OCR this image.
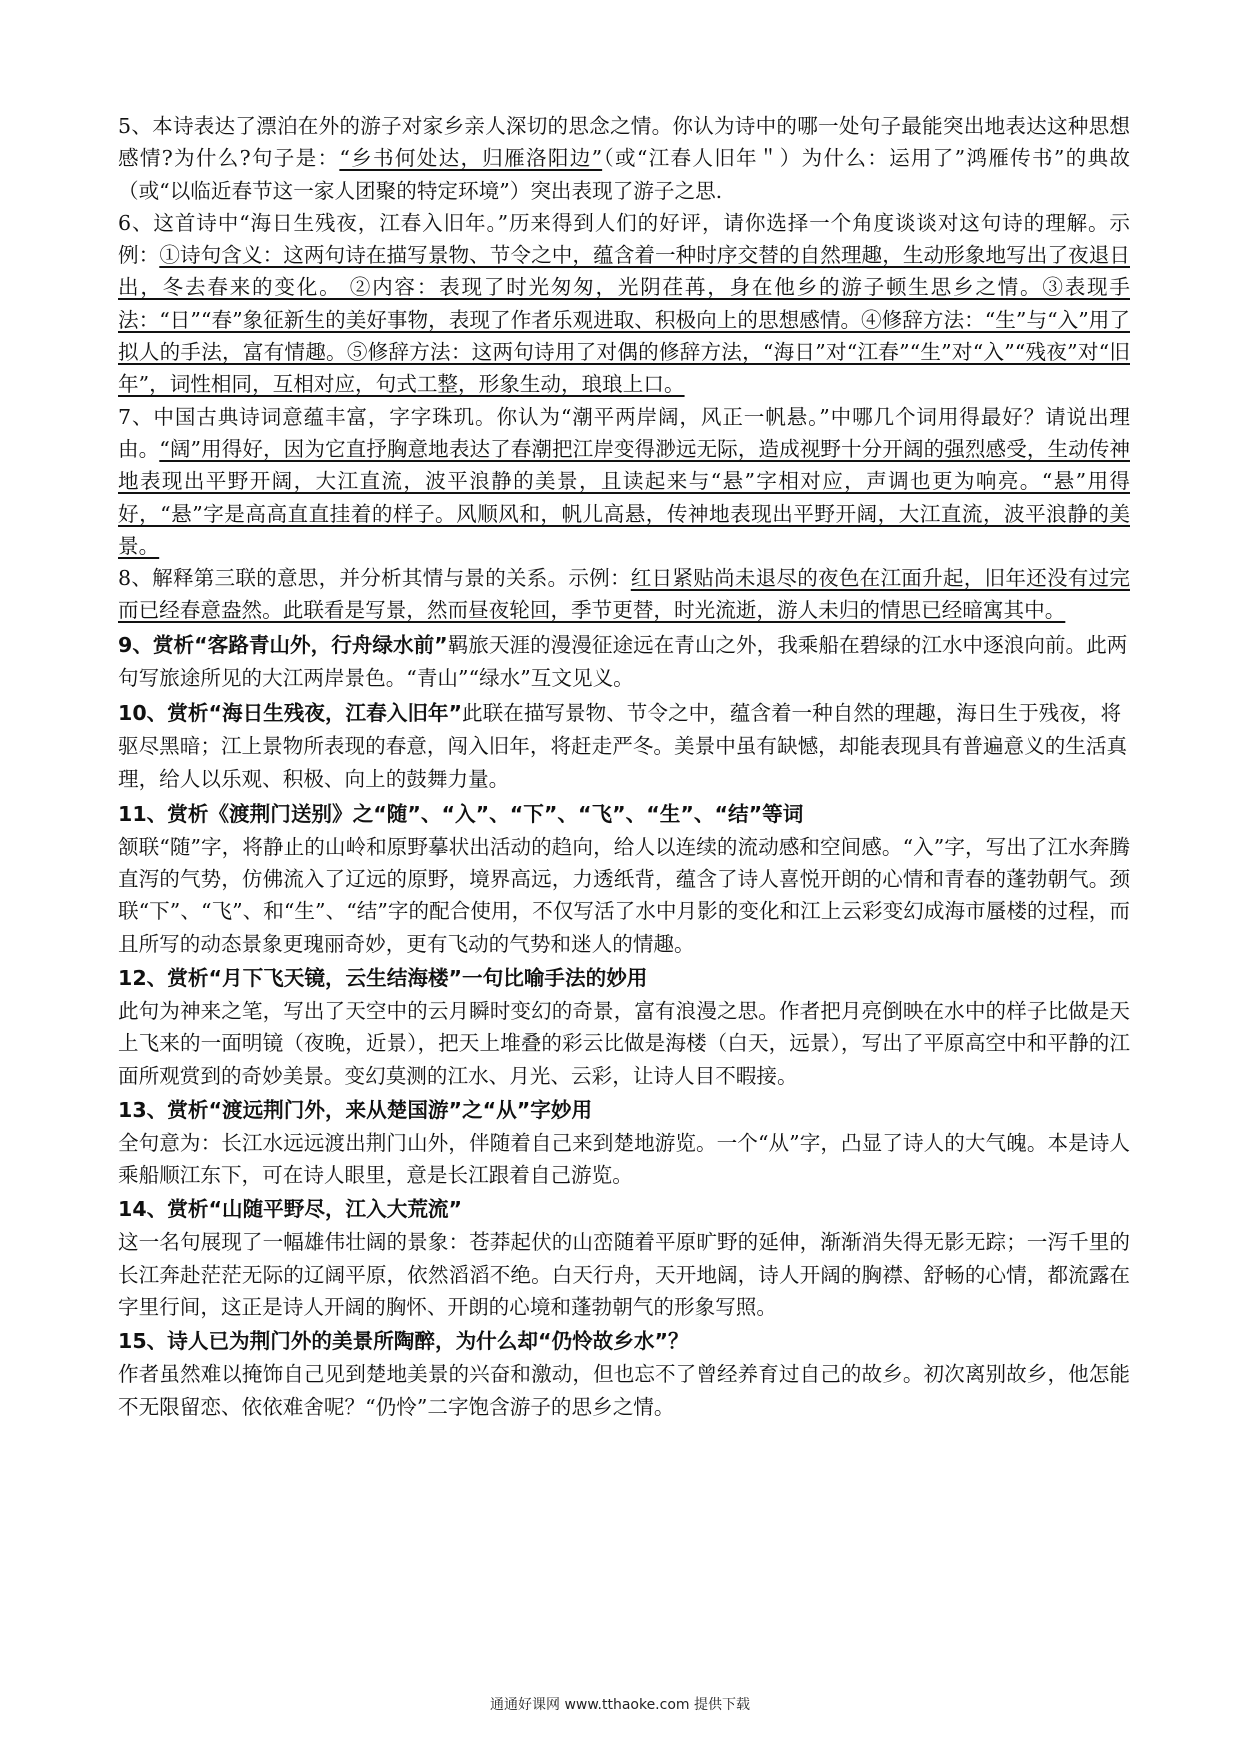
5、本诗表达了漂泊在外的游子对家乡亲人深切的思念之情。你认为诗中的哪一处句子最能突出地表达这种思想感情?为什么?句子是：“乡书何处达，归雁洛阳边”（或“江春人旧年＂）为什么：运用了”鸿雁传书”的典故（或“以临近春节这一家人团聚的特定环境”）突出表现了游子之思.

6、这首诗中“海日生残夜，江春入旧年。”历来得到人们的好评，请你选择一个角度谈谈对这句诗的理解。示例：①诗句含义：这两句诗在描写景物、节令之中，蕴含着一种时序交替的自然理趣，生动形象地写出了夜退日出，冬去春来的变化。 ②内容：表现了时光匆匆，光阴荏苒，身在他乡的游子顿生思乡之情。③表现手法：“日”“春”象征新生的美好事物，表现了作者乐观进取、积极向上的思想感情。④修辞方法：“生”与“入”用了拟人的手法，富有情趣。⑤修辞方法：这两句诗用了对偶的修辞方法，“海日”对“江春”“生”对“入”“残夜”对“旧年”，词性相同，互相对应，句式工整，形象生动，琅琅上口。

7、中国古典诗词意蕴丰富，字字珠玑。你认为“潮平两岸阔，风正一帆悬。”中哪几个词用得最好？请说出理由。“阔”用得好，因为它直抒胸意地表达了春潮把江岸变得渺远无际，造成视野十分开阔的强烈感受，生动传神地表现出平野开阔，大江直流，波平浪静的美景，且读起来与“悬”字相对应，声调也更为响亮。“悬”用得好，“悬”字是高高直直挂着的样子。风顺风和，帆儿高悬，传神地表现出平野开阔，大江直流，波平浪静的美景。

8、解释第三联的意思，并分析其情与景的关系。示例：红日紧贴尚未退尽的夜色在江面升起，旧年还没有过完而已经春意盎然。此联看是写景，然而昼夜轮回，季节更替，时光流逝，游人未归的情思已经暗寓其中。

9、赏析“客路青山外，行舟绿水前”羁旅天涯的漫漫征途远在青山之外，我乘船在碧绿的江水中逐浪向前。此两句写旅途所见的大江两岸景色。“青山”“绿水”互文见义。

10、赏析“海日生残夜，江春入旧年”此联在描写景物、节令之中，蕴含着一种自然的理趣，海日生于残夜，将驱尽黑暗；江上景物所表现的春意，闯入旧年，将赶走严冬。美景中虽有缺憾，却能表现具有普遍意义的生活真理，给人以乐观、积极、向上的鼓舞力量。

11、赏析《渡荆门送别》之“随”、“入”、“下”、“飞”、“生”、“结”等词

颔联“随”字，将静止的山岭和原野摹状出活动的趋向，给人以连续的流动感和空间感。“入”字，写出了江水奔腾直泻的气势，仿佛流入了辽远的原野，境界高远，力透纸背，蕴含了诗人喜悦开朗的心情和青春的蓬勃朝气。颈联“下”、“飞”、和“生”、“结”字的配合使用，不仅写活了水中月影的变化和江上云彩变幻成海市蜃楼的过程，而且所写的动态景象更瑰丽奇妙，更有飞动的气势和迷人的情趣。

12、赏析“月下飞天镜，云生结海楼”一句比喻手法的妙用

此句为神来之笔，写出了天空中的云月瞬时变幻的奇景，富有浪漫之思。作者把月亮倒映在水中的样子比做是天上飞来的一面明镜（夜晚，近景），把天上堆叠的彩云比做是海楼（白天，远景），写出了平原高空中和平静的江面所观赏到的奇妙美景。变幻莫测的江水、月光、云彩，让诗人目不暇接。

13、赏析“渡远荆门外，来从楚国游”之“从”字妙用

全句意为：长江水远远渡出荆门山外，伴随着自己来到楚地游览。一个“从”字，凸显了诗人的大气魄。本是诗人乘船顺江东下，可在诗人眼里，意是长江跟着自己游览。

14、赏析“山随平野尽，江入大荒流”

这一名句展现了一幅雄伟壮阔的景象：苍莽起伏的山峦随着平原旷野的延伸，渐渐消失得无影无踪；一泻千里的长江奔赴茫茫无际的辽阔平原，依然滔滔不绝。白天行舟，天开地阔，诗人开阔的胸襟、舒畅的心情，都流露在字里行间，这正是诗人开阔的胸怀、开朗的心境和蓬勃朝气的形象写照。

15、诗人已为荆门外的美景所陶醉，为什么却“仍怜故乡水”？

作者虽然难以掩饰自己见到楚地美景的兴奋和激动，但也忘不了曾经养育过自己的故乡。初次离别故乡，他怎能不无限留恋、依依难舍呢？“仍怜”二字饱含游子的思乡之情。

通通好课网 www.tthaoke.com 提供下载
